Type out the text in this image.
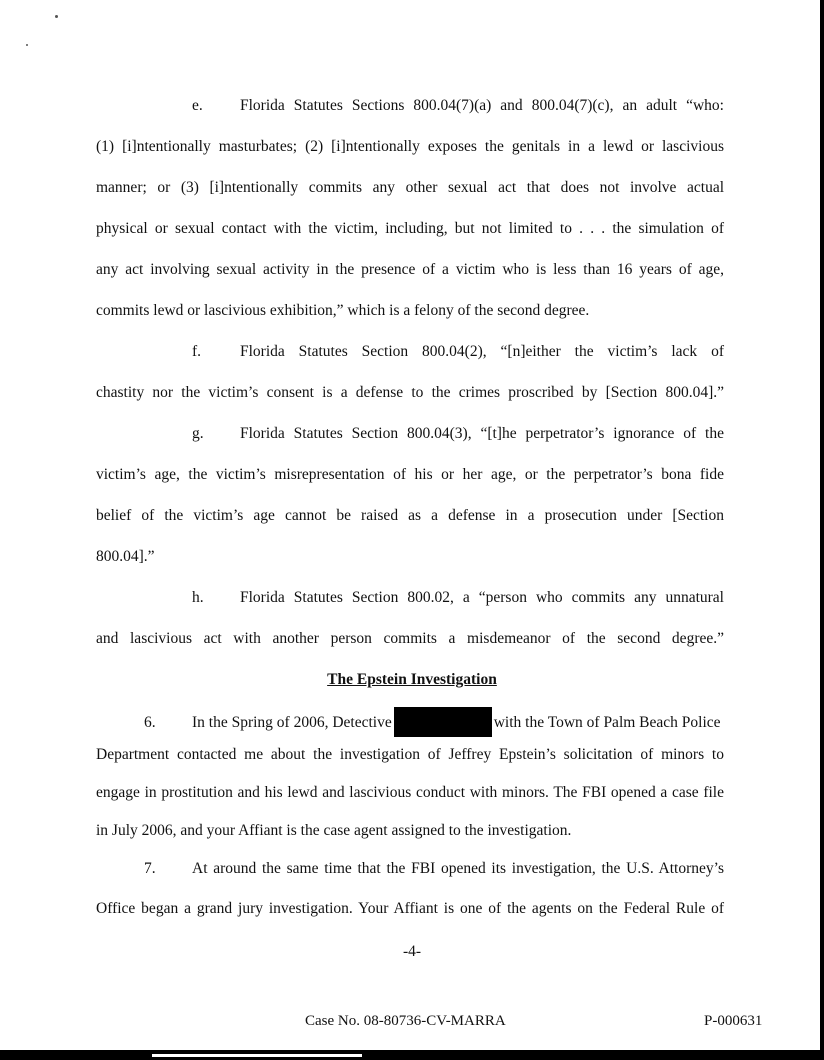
e. Florida Statutes Sections 800.04(7)(a) and 800.04(7)(c), an adult “who:
(1) [i]ntentionally masturbates; (2) [i]ntentionally exposes the genitals in a lewd or lascivious
manner; or (3) [i]ntentionally commits any other sexual act that does not involve actual
physical or sexual contact with the victim, including, but not limited to . . . the simulation of
any act involving sexual activity in the presence of a victim who is less than 16 years of age,
commits lewd or lascivious exhibition,” which is a felony of the second degree.
f.	Florida Statutes Section 800.04(2), “[n]either the victim’s lack of
chastity nor the victim’s consent is a defense to the crimes proscribed by [Section 800.04].”
g. Florida Statutes Section 800.04(3), “[t]he perpetrator’s ignorance of the
victim’s age, the victim’s misrepresentation of his or her age, or the perpetrator’s bona fide
belief of the victim’s age cannot be raised as a defense in a prosecution under [Section
800.04].”
h. Florida Statutes Section 800.02, a “person who commits any unnatural
and lascivious act with another person commits a misdemeanor of the second degree.”
The Epstein Investigation
6.	In the Spring of 2006, Detective	with the Town of Palm Beach Police
Department contacted me about the investigation of Jeffrey Epstein’s solicitation of minors to
engage in prostitution and his lewd and lascivious conduct with minors. The FBI opened a case file
in July 2006, and your Affiant is the case agent assigned to the investigation.
7. At around the same time that the FBI opened its investigation, the U.S. Attorney’s
Office began a grand jury investigation. Your Affiant is one of the agents on the Federal Rule of
-4-
Case No. 08-80736-CV-MARRA	P-000631
